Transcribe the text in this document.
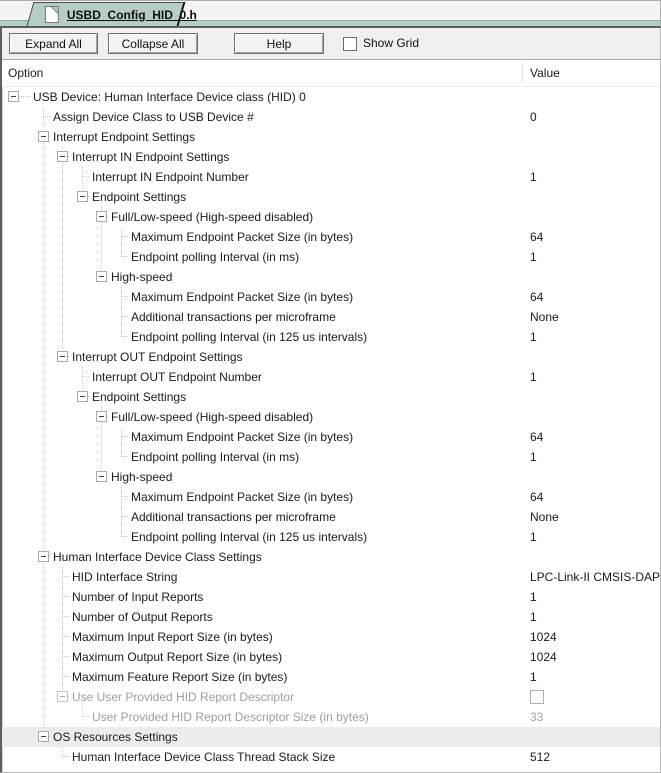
USBD_Config_HID_0.h
Expand All	Collapse All	Help	Show Grid
Option	Value
USB Device: Human Interface Device class (HID) 0
Assign Device Class to USB Device #	0
Interrupt Endpoint Settings
Interrupt IN Endpoint Settings
Interrupt IN Endpoint Number	1
Endpoint Settings
Full/Low-speed (High-speed disabled)
Maximum Endpoint Packet Size (in bytes)	64
Endpoint polling Interval (in ms)	1
High-speed
Maximum Endpoint Packet Size (in bytes)	64
Additional transactions per microframe	None
Endpoint polling Interval (in 125 us intervals)	1
Interrupt OUT Endpoint Settings
Interrupt OUT Endpoint Number	1
Endpoint Settings
Full/Low-speed (High-speed disabled)
Maximum Endpoint Packet Size (in bytes)	64
Endpoint polling Interval (in ms)	1
High-speed
Maximum Endpoint Packet Size (in bytes)	64
Additional transactions per microframe	None
Endpoint polling Interval (in 125 us intervals)	1
Human Interface Device Class Settings
HID Interface String	LPC-Link-II CMSIS-DAP
Number of Input Reports	1
Number of Output Reports	1
Maximum Input Report Size (in bytes)	1024
Maximum Output Report Size (in bytes)	1024
Maximum Feature Report Size (in bytes)	1
Use User Provided HID Report Descriptor
User Provided HID Report Descriptor Size (in bytes)	33
OS Resources Settings
Human Interface Device Class Thread Stack Size	512
